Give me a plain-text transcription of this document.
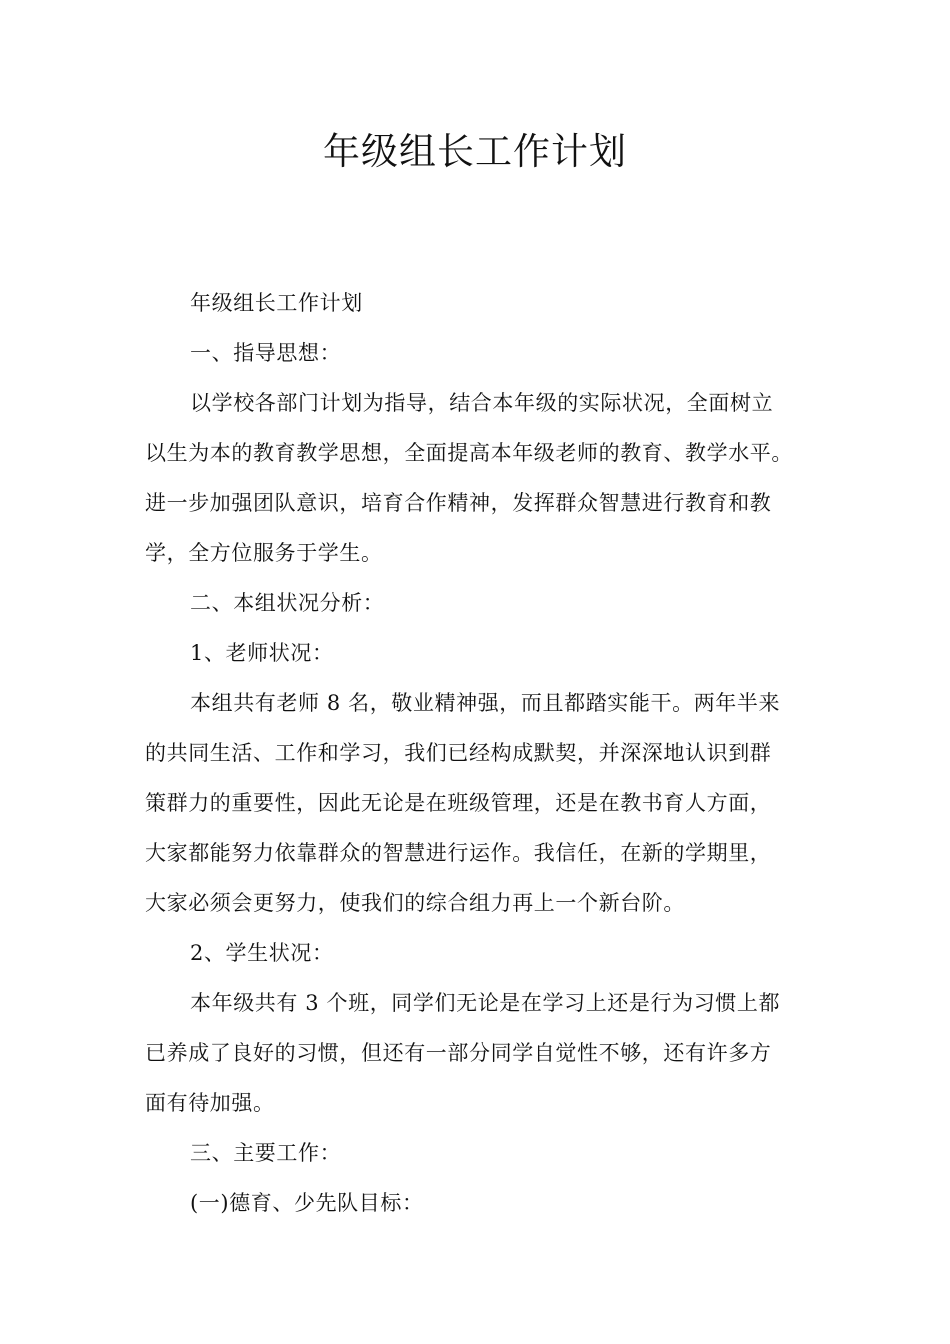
年级组长工作计划
年级组长工作计划
一、指导思想：
以学校各部门计划为指导，结合本年级的实际状况，全面树立
以生为本的教育教学思想，全面提高本年级老师的教育、教学水平。
进一步加强团队意识，培育合作精神，发挥群众智慧进行教育和教
学，全方位服务于学生。
二、本组状况分析：
1、老师状况：
本组共有老师 8 名，敬业精神强，而且都踏实能干。两年半来
的共同生活、工作和学习，我们已经构成默契，并深深地认识到群
策群力的重要性，因此无论是在班级管理，还是在教书育人方面，
大家都能努力依靠群众的智慧进行运作。我信任，在新的学期里，
大家必须会更努力，使我们的综合组力再上一个新台阶。
2、学生状况：
本年级共有 3 个班，同学们无论是在学习上还是行为习惯上都
已养成了良好的习惯，但还有一部分同学自觉性不够，还有许多方
面有待加强。
三、主要工作：
(一)德育、少先队目标：
